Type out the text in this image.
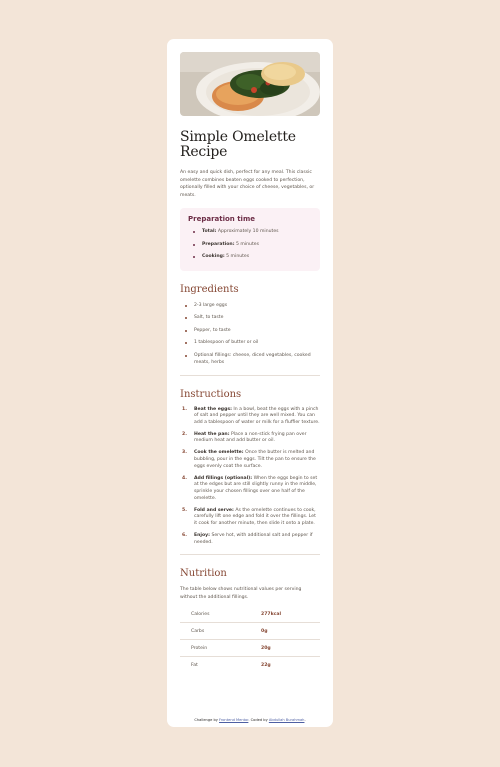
Simple Omelette Recipe

An easy and quick dish, perfect for any meal. This classic omelette combines beaten eggs cooked to perfection, optionally filled with your choice of cheese, vegetables, or meats.

Preparation time

Total: Approximately 10 minutes
Preparation: 5 minutes
Cooking: 5 minutes
Ingredients
2-3 large eggs
Salt, to taste
Pepper, to taste
1 tablespoon of butter or oil
Optional fillings: cheese, diced vegetables, cooked meats, herbs
Instructions
1. Beat the eggs: In a bowl, beat the eggs with a pinch of salt and pepper until they are well mixed. You can add a tablespoon of water or milk for a fluffier texture.
2. Heat the pan: Place a non-stick frying pan over medium heat and add butter or oil.
3. Cook the omelette: Once the butter is melted and bubbling, pour in the eggs. Tilt the pan to ensure the eggs evenly coat the surface.
4. Add fillings (optional): When the eggs begin to set at the edges but are still slightly runny in the middle, sprinkle your chosen fillings over one half of the omelette.
5. Fold and serve: As the omelette continues to cook, carefully lift one edge and fold it over the fillings. Let it cook for another minute, then slide it onto a plate.
6. Enjoy: Serve hot, with additional salt and pepper if needed.
Nutrition

The table below shows nutritional values per serving without the additional fillings.

Calories	277kcal
Carbs	0g
Protein	20g
Fat	22g
Challenge by Frontend Mentor. Coded by Abdullah Burahmah.
